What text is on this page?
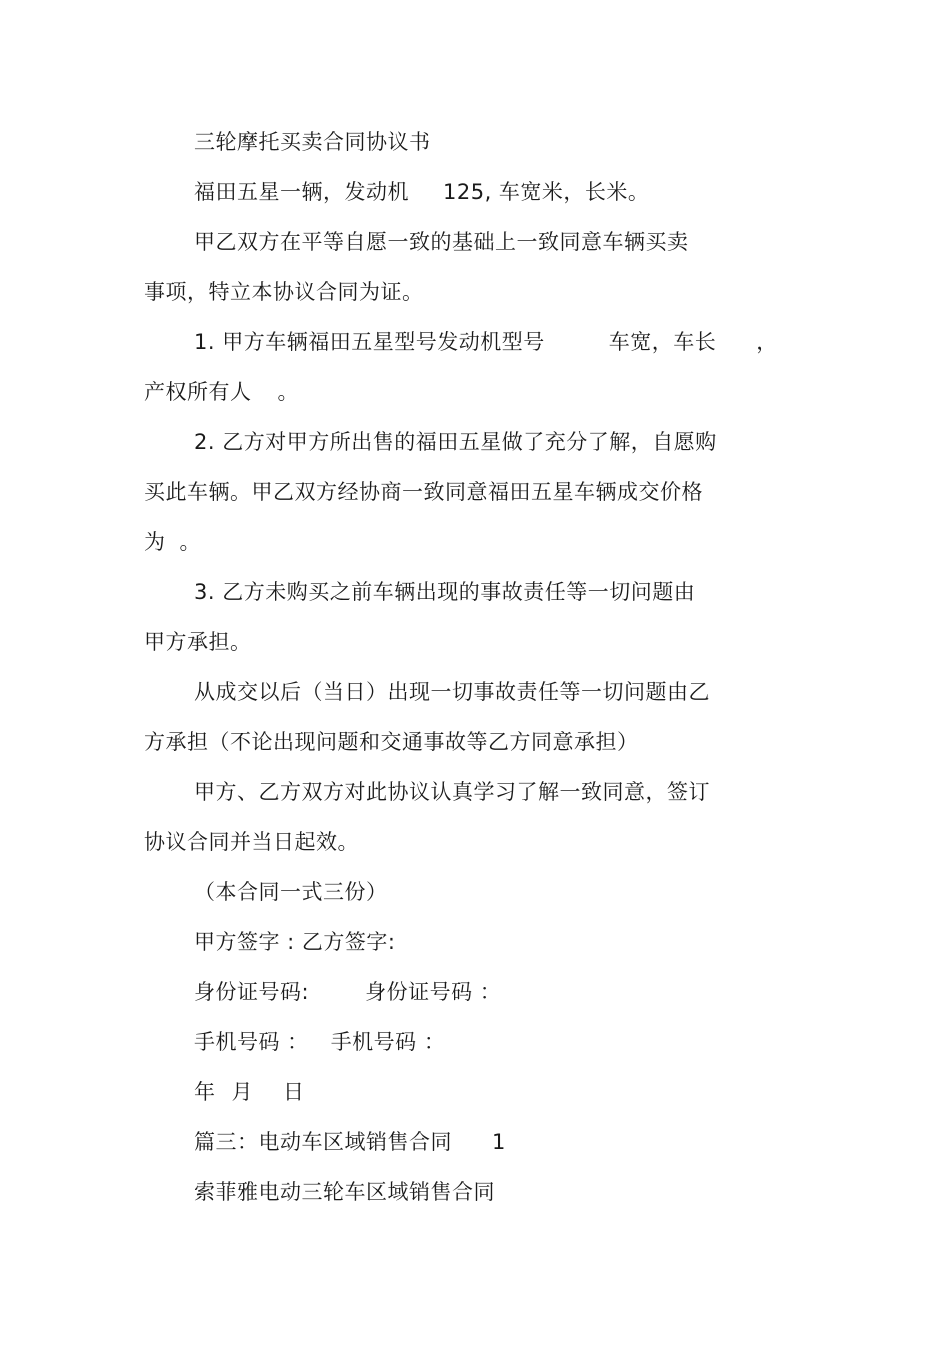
三轮摩托买卖合同协议书
福田五星一辆，发动机 125, 车宽米，长米。
甲乙双方在平等自愿一致的基础上一致同意车辆买卖
事项，特立本协议合同为证。
1. 甲方车辆福田五星型号发动机型号	车宽，车长 ，
产权所有人 。
2. 乙方对甲方所出售的福田五星做了充分了解，自愿购
买此车辆。甲乙双方经协商一致同意福田五星车辆成交价格
为 。
3. 乙方未购买之前车辆出现的事故责任等一切问题由
甲方承担。
从成交以后（当日）出现一切事故责任等一切问题由乙
方承担（不论出现问题和交通事故等乙方同意承担）
甲方、乙方双方对此协议认真学习了解一致同意，签订
协议合同并当日起效。
（本合同一式三份）
甲方签字 : 乙方签字:
身份证号码:	身份证号码 ：
手机号码 ： 手机号码 ：
年 月 日
篇三：电动车区域销售合同 1
索菲雅电动三轮车区域销售合同
